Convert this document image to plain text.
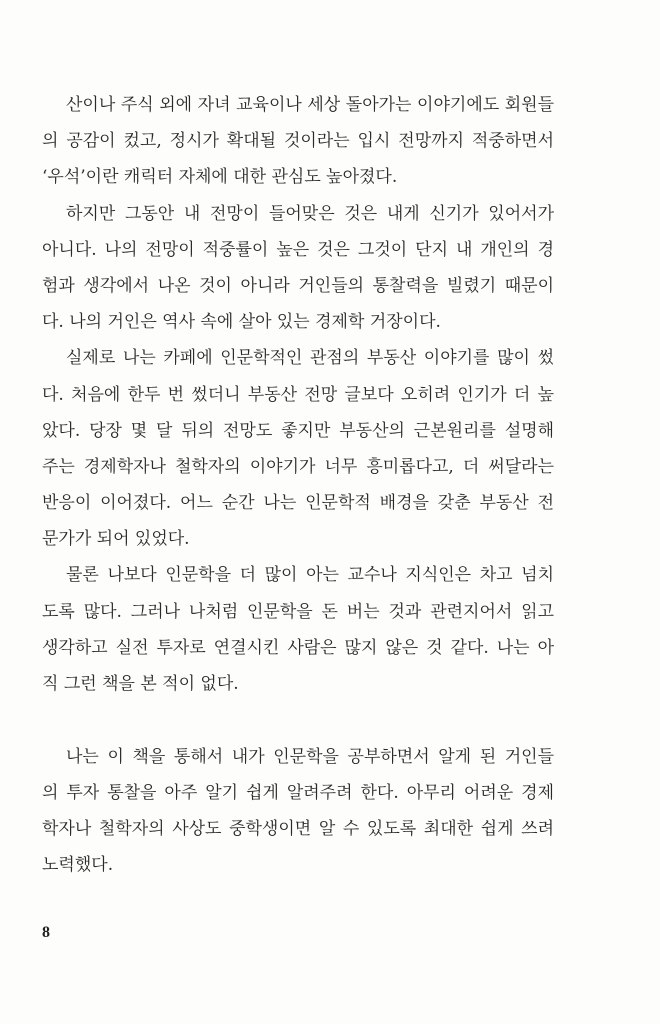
산이나 주식 외에 자녀 교육이나 세상 돌아가는 이야기에도 회원들
의 공감이 컸고, 정시가 확대될 것이라는 입시 전망까지 적중하면서
‘우석’이란 캐릭터 자체에 대한 관심도 높아졌다.
하지만 그동안 내 전망이 들어맞은 것은 내게 신기가 있어서가
아니다. 나의 전망이 적중률이 높은 것은 그것이 단지 내 개인의 경
험과 생각에서 나온 것이 아니라 거인들의 통찰력을 빌렸기 때문이
다. 나의 거인은 역사 속에 살아 있는 경제학 거장이다.
실제로 나는 카페에 인문학적인 관점의 부동산 이야기를 많이 썼
다. 처음에 한두 번 썼더니 부동산 전망 글보다 오히려 인기가 더 높
았다. 당장 몇 달 뒤의 전망도 좋지만 부동산의 근본원리를 설명해
주는 경제학자나 철학자의 이야기가 너무 흥미롭다고, 더 써달라는
반응이 이어졌다. 어느 순간 나는 인문학적 배경을 갖춘 부동산 전
문가가 되어 있었다.
물론 나보다 인문학을 더 많이 아는 교수나 지식인은 차고 넘치
도록 많다. 그러나 나처럼 인문학을 돈 버는 것과 관련지어서 읽고
생각하고 실전 투자로 연결시킨 사람은 많지 않은 것 같다. 나는 아
직 그런 책을 본 적이 없다.
나는 이 책을 통해서 내가 인문학을 공부하면서 알게 된 거인들
의 투자 통찰을 아주 알기 쉽게 알려주려 한다. 아무리 어려운 경제
학자나 철학자의 사상도 중학생이면 알 수 있도록 최대한 쉽게 쓰려
노력했다.
8
